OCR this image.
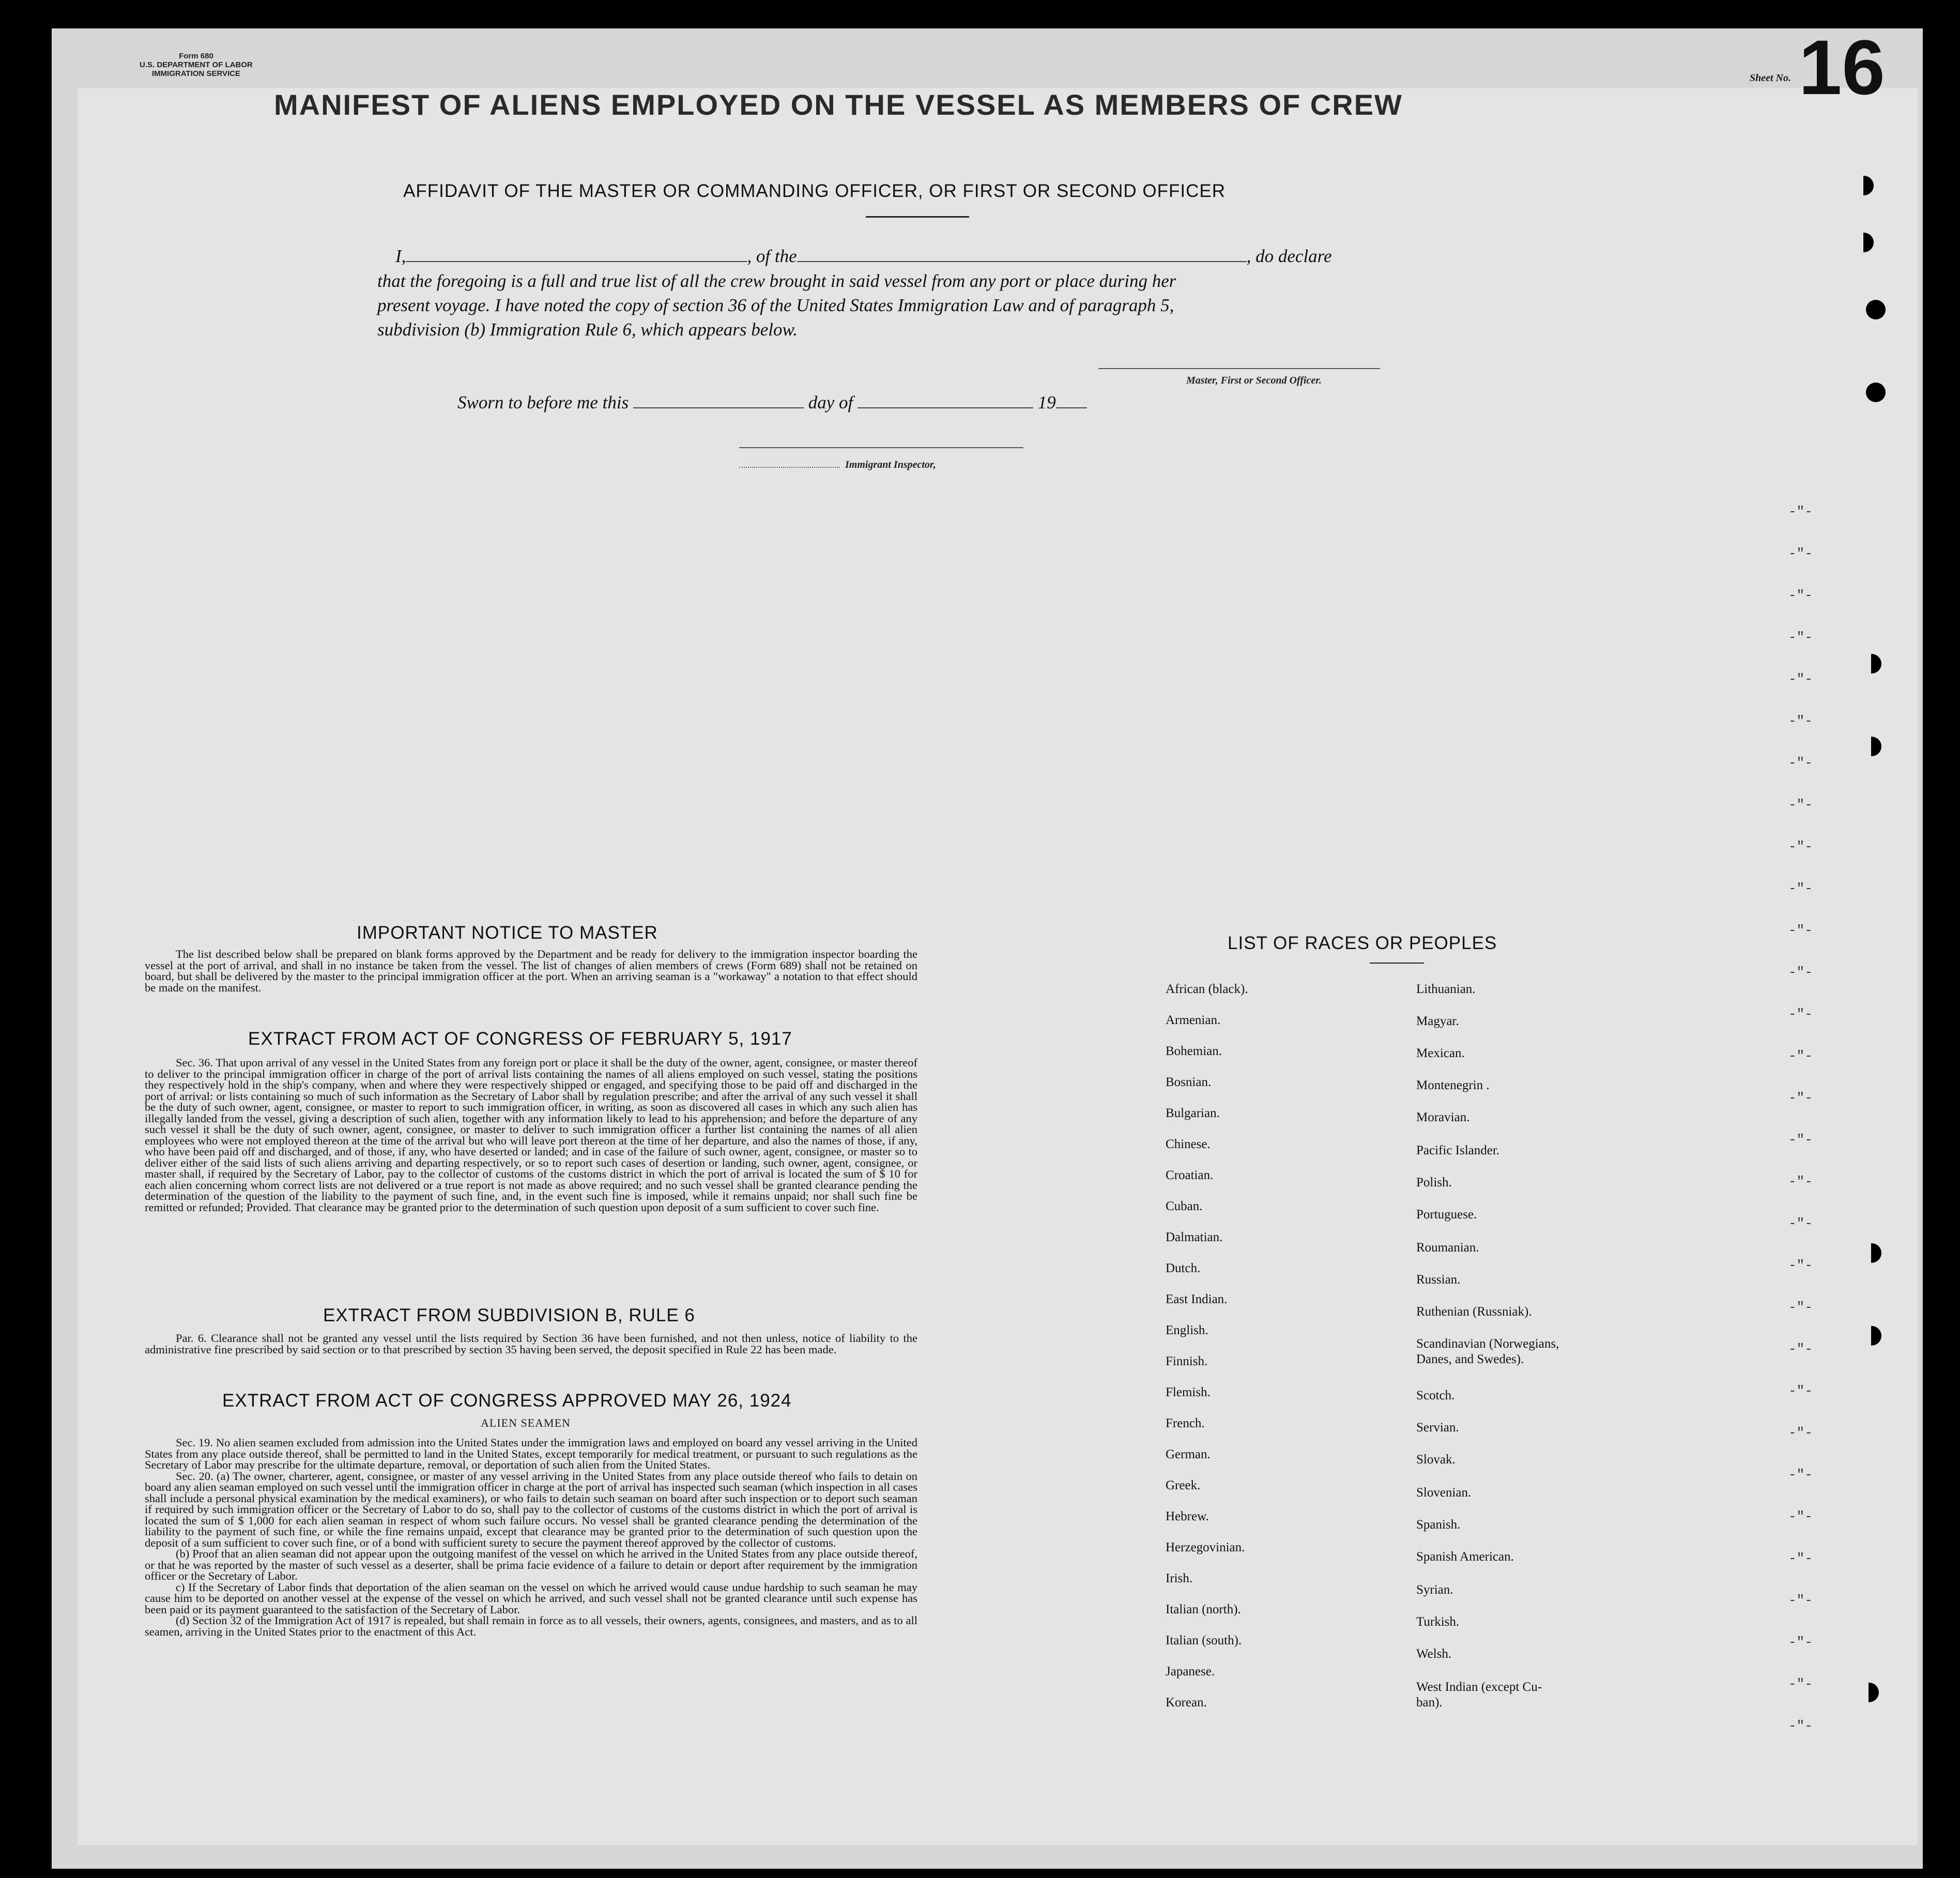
Form 680
U.S. DEPARTMENT OF LABOR
IMMIGRATION SERVICE	Sheet No. 16
MANIFEST OF ALIENS EMPLOYED ON THE VESSEL AS MEMBERS OF CREW
AFFIDAVIT OF THE MASTER OR COMMANDING OFFICER, OR FIRST OR SECOND OFFICER
I,	, of the	, do declare
that the foregoing is a full and true list of all the crew brought in said vessel from any port or place during her
present voyage. I have noted the copy of section 36 of the United States Immigration Law and of paragraph 5,
subdivision (b) Immigration Rule 6, which appears below.
Master, First or Second Officer.
Sworn to before me this	day of	19
Immigrant Inspector,
-"-
-"-
-"-
-"-
-"-
-"-
-"-
-"-
-"-
-"-
-"-
-"-
-"-
-"-
-"-
-"-
-"-
-"-
-"-
-"-
-"-
-"-
-"-
-"-
-"-
-"-
-"-
-"-
-"-
-"-
IMPORTANT NOTICE TO MASTER

The list described below shall be prepared on blank forms approved by the Department and be ready for delivery to the immigration inspector boarding the vessel at the port of arrival, and shall in no instance be taken from the vessel. The list of changes of alien members of crews (Form 689) shall not be retained on board, but shall be delivered by the master to the principal immigration officer at the port. When an arriving seaman is a "workaway" a notation to that effect should be made on the manifest.

EXTRACT FROM ACT OF CONGRESS OF FEBRUARY 5, 1917

Sec. 36. That upon arrival of any vessel in the United States from any foreign port or place it shall be the duty of the owner, agent, consignee, or master thereof to deliver to the principal immigration officer in charge of the port of arrival lists containing the names of all aliens employed on such vessel, stating the positions they respectively hold in the ship's company, when and where they were respectively shipped or engaged, and specifying those to be paid off and discharged in the port of arrival: or lists containing so much of such information as the Secretary of Labor shall by regulation prescribe; and after the arrival of any such vessel it shall be the duty of such owner, agent, consignee, or master to report to such immigration officer, in writing, as soon as discovered all cases in which any such alien has illegally landed from the vessel, giving a description of such alien, together with any information likely to lead to his apprehension; and before the departure of any such vessel it shall be the duty of such owner, agent, consignee, or master to deliver to such immigration officer a further list containing the names of all alien employees who were not employed thereon at the time of the arrival but who will leave port thereon at the time of her departure, and also the names of those, if any, who have been paid off and discharged, and of those, if any, who have deserted or landed; and in case of the failure of such owner, agent, consignee, or master so to deliver either of the said lists of such aliens arriving and departing respectively, or so to report such cases of desertion or landing, such owner, agent, consignee, or master shall, if required by the Secretary of Labor, pay to the collector of customs of the customs district in which the port of arrival is located the sum of $ 10 for each alien concerning whom correct lists are not delivered or a true report is not made as above required; and no such vessel shall be granted clearance pending the determination of the question of the liability to the payment of such fine, and, in the event such fine is imposed, while it remains unpaid; nor shall such fine be remitted or refunded; Provided. That clearance may be granted prior to the determination of such question upon deposit of a sum sufficient to cover such fine.

EXTRACT FROM SUBDIVISION B, RULE 6

Par. 6. Clearance shall not be granted any vessel until the lists required by Section 36 have been furnished, and not then unless, notice of liability to the administrative fine prescribed by said section or to that prescribed by section 35 having been served, the deposit specified in Rule 22 has been made.

EXTRACT FROM ACT OF CONGRESS APPROVED MAY 26, 1924
ALIEN SEAMEN

Sec. 19. No alien seamen excluded from admission into the United States under the immigration laws and employed on board any vessel arriving in the United States from any place outside thereof, shall be permitted to land in the United States, except temporarily for medical treatment, or pursuant to such regulations as the Secretary of Labor may prescribe for the ultimate departure, removal, or deportation of such alien from the United States.

Sec. 20. (a) The owner, charterer, agent, consignee, or master of any vessel arriving in the United States from any place outside thereof who fails to detain on board any alien seaman employed on such vessel until the immigration officer in charge at the port of arrival has inspected such seaman (which inspection in all cases shall include a personal physical examination by the medical examiners), or who fails to detain such seaman on board after such inspection or to deport such seaman if required by such immigration officer or the Secretary of Labor to do so, shall pay to the collector of customs of the customs district in which the port of arrival is located the sum of $ 1,000 for each alien seaman in respect of whom such failure occurs. No vessel shall be granted clearance pending the determination of the liability to the payment of such fine, or while the fine remains unpaid, except that clearance may be granted prior to the determination of such question upon the deposit of a sum sufficient to cover such fine, or of a bond with sufficient surety to secure the payment thereof approved by the collector of customs.

(b) Proof that an alien seaman did not appear upon the outgoing manifest of the vessel on which he arrived in the United States from any place outside thereof, or that he was reported by the master of such vessel as a deserter, shall be prima facie evidence of a failure to detain or deport after requirement by the immigration officer or the Secretary of Labor.

c) If the Secretary of Labor finds that deportation of the alien seaman on the vessel on which he arrived would cause undue hardship to such seaman he may cause him to be deported on another vessel at the expense of the vessel on which he arrived, and such vessel shall not be granted clearance until such expense has been paid or its payment guaranteed to the satisfaction of the Secretary of Labor.

(d) Section 32 of the Immigration Act of 1917 is repealed, but shall remain in force as to all vessels, their owners, agents, consignees, and masters, and as to all seamen, arriving in the United States prior to the enactment of this Act.

LIST OF RACES OR PEOPLES
African (black).
Armenian.
Bohemian.
Bosnian.
Bulgarian.
Chinese.
Croatian.
Cuban.
Dalmatian.
Dutch.
East Indian.
English.
Finnish.
Flemish.
French.
German.
Greek.
Hebrew.
Herzegovinian.
Irish.
Italian (north).
Italian (south).
Japanese.
Korean.
Lithuanian.
Magyar.
Mexican.
Montenegrin .
Moravian.
Pacific Islander.
Polish.
Portuguese.
Roumanian.
Russian.
Ruthenian (Russniak).
Scandinavian (Norwegians,
Danes, and Swedes).
Scotch.
Servian.
Slovak.
Slovenian.
Spanish.
Spanish American.
Syrian.
Turkish.
Welsh.
West Indian (except Cu-
ban).
